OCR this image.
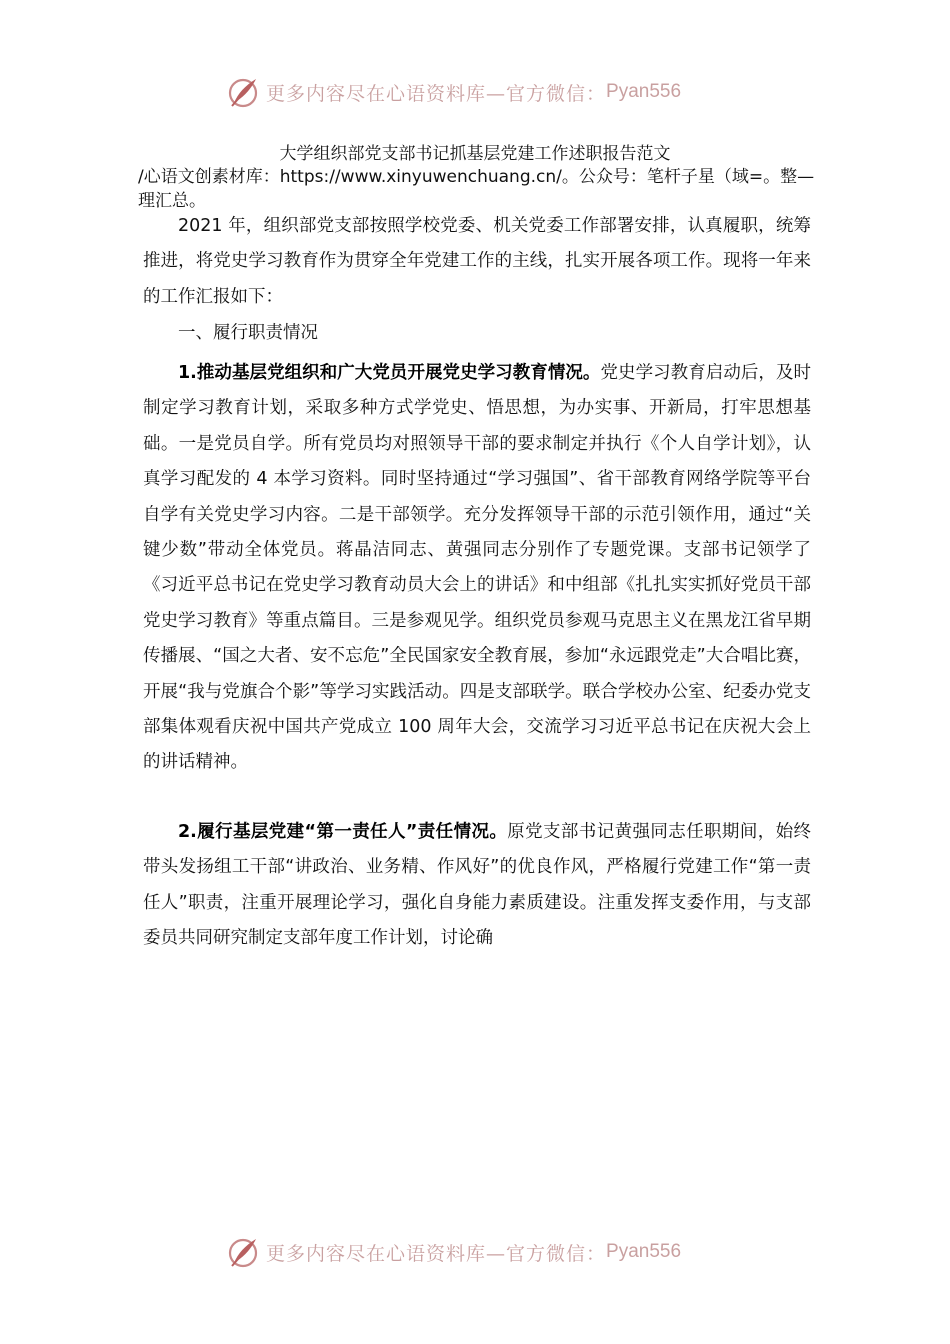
更多内容尽在心语资料库—官方微信： Pyan556
大学组织部党支部书记抓基层党建工作述职报告范文
/心语文创素材库：https://www.xinyuwenchuang.cn/。公众号：笔杆子星（域=。整—理汇总。
2021 年，组织部党支部按照学校党委、机关党委工作部署安排，认真履职，统筹推进，将党史学习教育作为贯穿全年党建工作的主线，扎实开展各项工作。现将一年来的工作汇报如下：
一、履行职责情况
1.推动基层党组织和广大党员开展党史学习教育情况。党史学习教育启动后，及时制定学习教育计划，采取多种方式学党史、悟思想，为办实事、开新局，打牢思想基础。一是党员自学。所有党员均对照领导干部的要求制定并执行《个人自学计划》，认真学习配发的 4 本学习资料。同时坚持通过“学习强国”、省干部教育网络学院等平台自学有关党史学习内容。二是干部领学。充分发挥领导干部的示范引领作用，通过“关键少数”带动全体党员。蒋晶洁同志、黄强同志分别作了专题党课。支部书记领学了《习近平总书记在党史学习教育动员大会上的讲话》和中组部《扎扎实实抓好党员干部党史学习教育》等重点篇目。三是参观见学。组织党员参观马克思主义在黑龙江省早期传播展、“国之大者、安不忘危”全民国家安全教育展，参加“永远跟党走”大合唱比赛，开展“我与党旗合个影”等学习实践活动。四是支部联学。联合学校办公室、纪委办党支部集体观看庆祝中国共产党成立 100 周年大会，交流学习习近平总书记在庆祝大会上的讲话精神。
2.履行基层党建“第一责任人”责任情况。原党支部书记黄强同志任职期间，始终带头发扬组工干部“讲政治、业务精、作风好”的优良作风，严格履行党建工作“第一责任人”职责，注重开展理论学习，强化自身能力素质建设。注重发挥支委作用，与支部委员共同研究制定支部年度工作计划，讨论确
更多内容尽在心语资料库—官方微信： Pyan556
